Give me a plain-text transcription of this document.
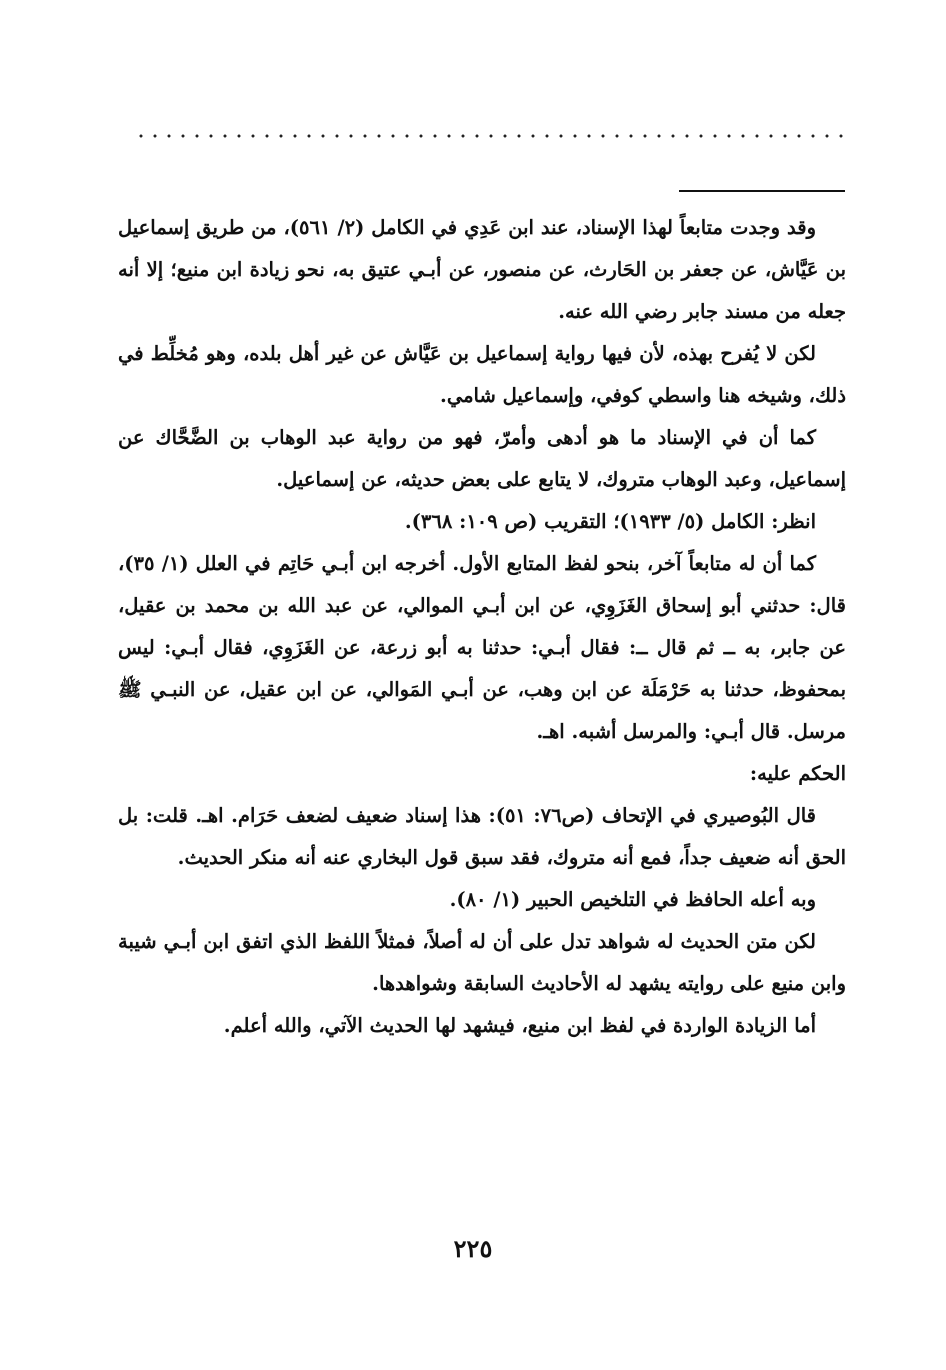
وقد وجدت متابعاً لهذا الإسناد، عند ابن عَدِي في الكامل (٢/ ٥٦١)، من طريق إسماعيل بن عَيَّاش، عن جعفر بن الحَارث، عن منصور، عن أبـي عتيق به، نحو زيادة ابن منيع؛ إلا أنه جعله من مسند جابر رضي الله عنه.

لكن لا يُفرح بهذه، لأن فيها رواية إسماعيل بن عَيَّاش عن غير أهل بلده، وهو مُخلِّط في ذلك، وشيخه هنا واسطي كوفي، وإسماعيل شامي.

كما أن في الإسناد ما هو أدهى وأمرّ، فهو من رواية عبد الوهاب بن الضَّحَّاك عن إسماعيل، وعبد الوهاب متروك، لا يتابع على بعض حديثه، عن إسماعيل.

انظر: الكامل (٥/ ١٩٣٣)؛ التقريب (ص ١٠٩: ٣٦٨).

كما أن له متابعاً آخر، بنحو لفظ المتابع الأول. أخرجه ابن أبـي حَاتِم في العلل (١/ ٣٥)، قال: حدثني أبو إسحاق الغَزَوِي، عن ابن أبـي الموالي، عن عبد الله بن محمد بن عقيل، عن جابر، به ــ ثم قال ــ: فقال أبـي: حدثنا به أبو زرعة، عن الغَزَوِي، فقال أبـي: ليس بمحفوظ، حدثنا به حَرْمَلَة عن ابن وهب، عن أبـي المَوالي، عن ابن عقيل، عن النبـي ﷺ مرسل. قال أبـي: والمرسل أشبه. اهـ.

الحكم عليه:

قال البُوصيري في الإتحاف (ص٧٦: ٥١): هذا إسناد ضعيف لضعف حَرَام. اهـ. قلت: بل الحق أنه ضعيف جداً، فمع أنه متروك، فقد سبق قول البخاري عنه أنه منكر الحديث.

وبه أعله الحافظ في التلخيص الحبير (١/ ٨٠).

لكن متن الحديث له شواهد تدل على أن له أصلاً، فمثلاً اللفظ الذي اتفق ابن أبـي شيبة وابن منيع على روايته يشهد له الأحاديث السابقة وشواهدها.

أما الزيادة الواردة في لفظ ابن منيع، فيشهد لها الحديث الآتي، والله أعلم.

٢٢٥
